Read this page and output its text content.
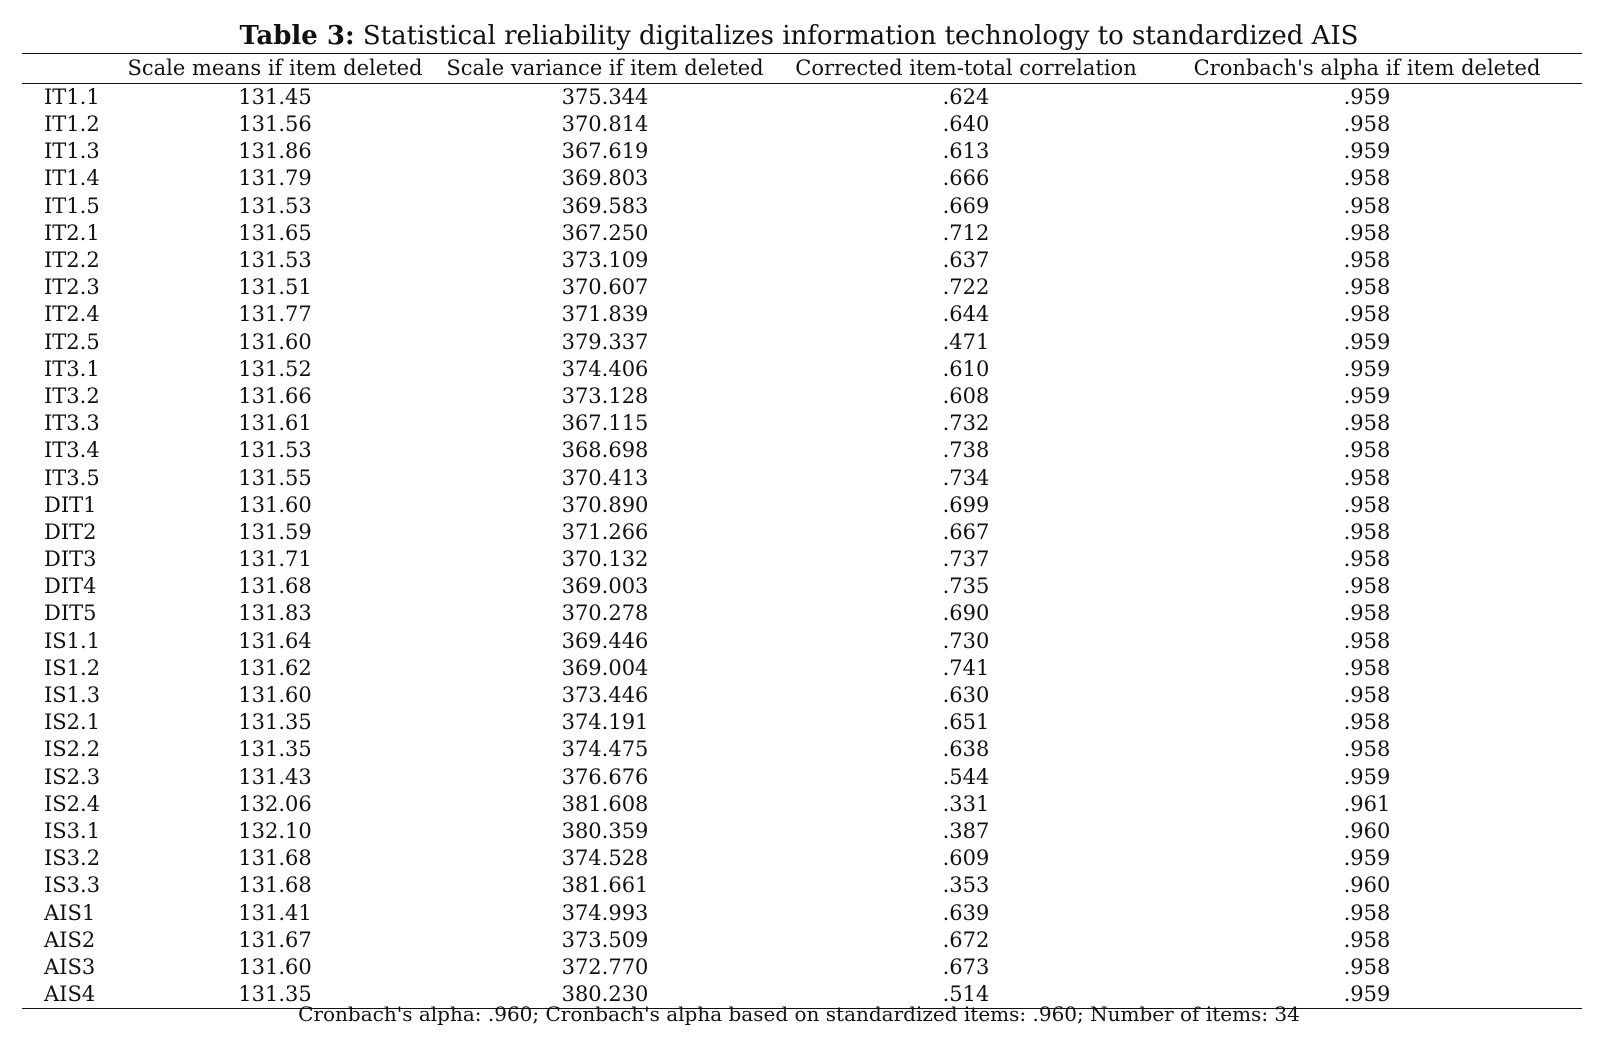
Table 3: Statistical reliability digitalizes information technology to standardized AIS
	Scale means if item deleted	Scale variance if item deleted	Corrected item-total correlation	Cronbach's alpha if item deleted
IT1.1	131.45	375.344	.624	.959
IT1.2	131.56	370.814	.640	.958
IT1.3	131.86	367.619	.613	.959
IT1.4	131.79	369.803	.666	.958
IT1.5	131.53	369.583	.669	.958
IT2.1	131.65	367.250	.712	.958
IT2.2	131.53	373.109	.637	.958
IT2.3	131.51	370.607	.722	.958
IT2.4	131.77	371.839	.644	.958
IT2.5	131.60	379.337	.471	.959
IT3.1	131.52	374.406	.610	.959
IT3.2	131.66	373.128	.608	.959
IT3.3	131.61	367.115	.732	.958
IT3.4	131.53	368.698	.738	.958
IT3.5	131.55	370.413	.734	.958
DIT1	131.60	370.890	.699	.958
DIT2	131.59	371.266	.667	.958
DIT3	131.71	370.132	.737	.958
DIT4	131.68	369.003	.735	.958
DIT5	131.83	370.278	.690	.958
IS1.1	131.64	369.446	.730	.958
IS1.2	131.62	369.004	.741	.958
IS1.3	131.60	373.446	.630	.958
IS2.1	131.35	374.191	.651	.958
IS2.2	131.35	374.475	.638	.958
IS2.3	131.43	376.676	.544	.959
IS2.4	132.06	381.608	.331	.961
IS3.1	132.10	380.359	.387	.960
IS3.2	131.68	374.528	.609	.959
IS3.3	131.68	381.661	.353	.960
AIS1	131.41	374.993	.639	.958
AIS2	131.67	373.509	.672	.958
AIS3	131.60	372.770	.673	.958
AIS4	131.35	380.230	.514	.959
Cronbach's alpha: .960; Cronbach's alpha based on standardized items: .960; Number of items: 34
